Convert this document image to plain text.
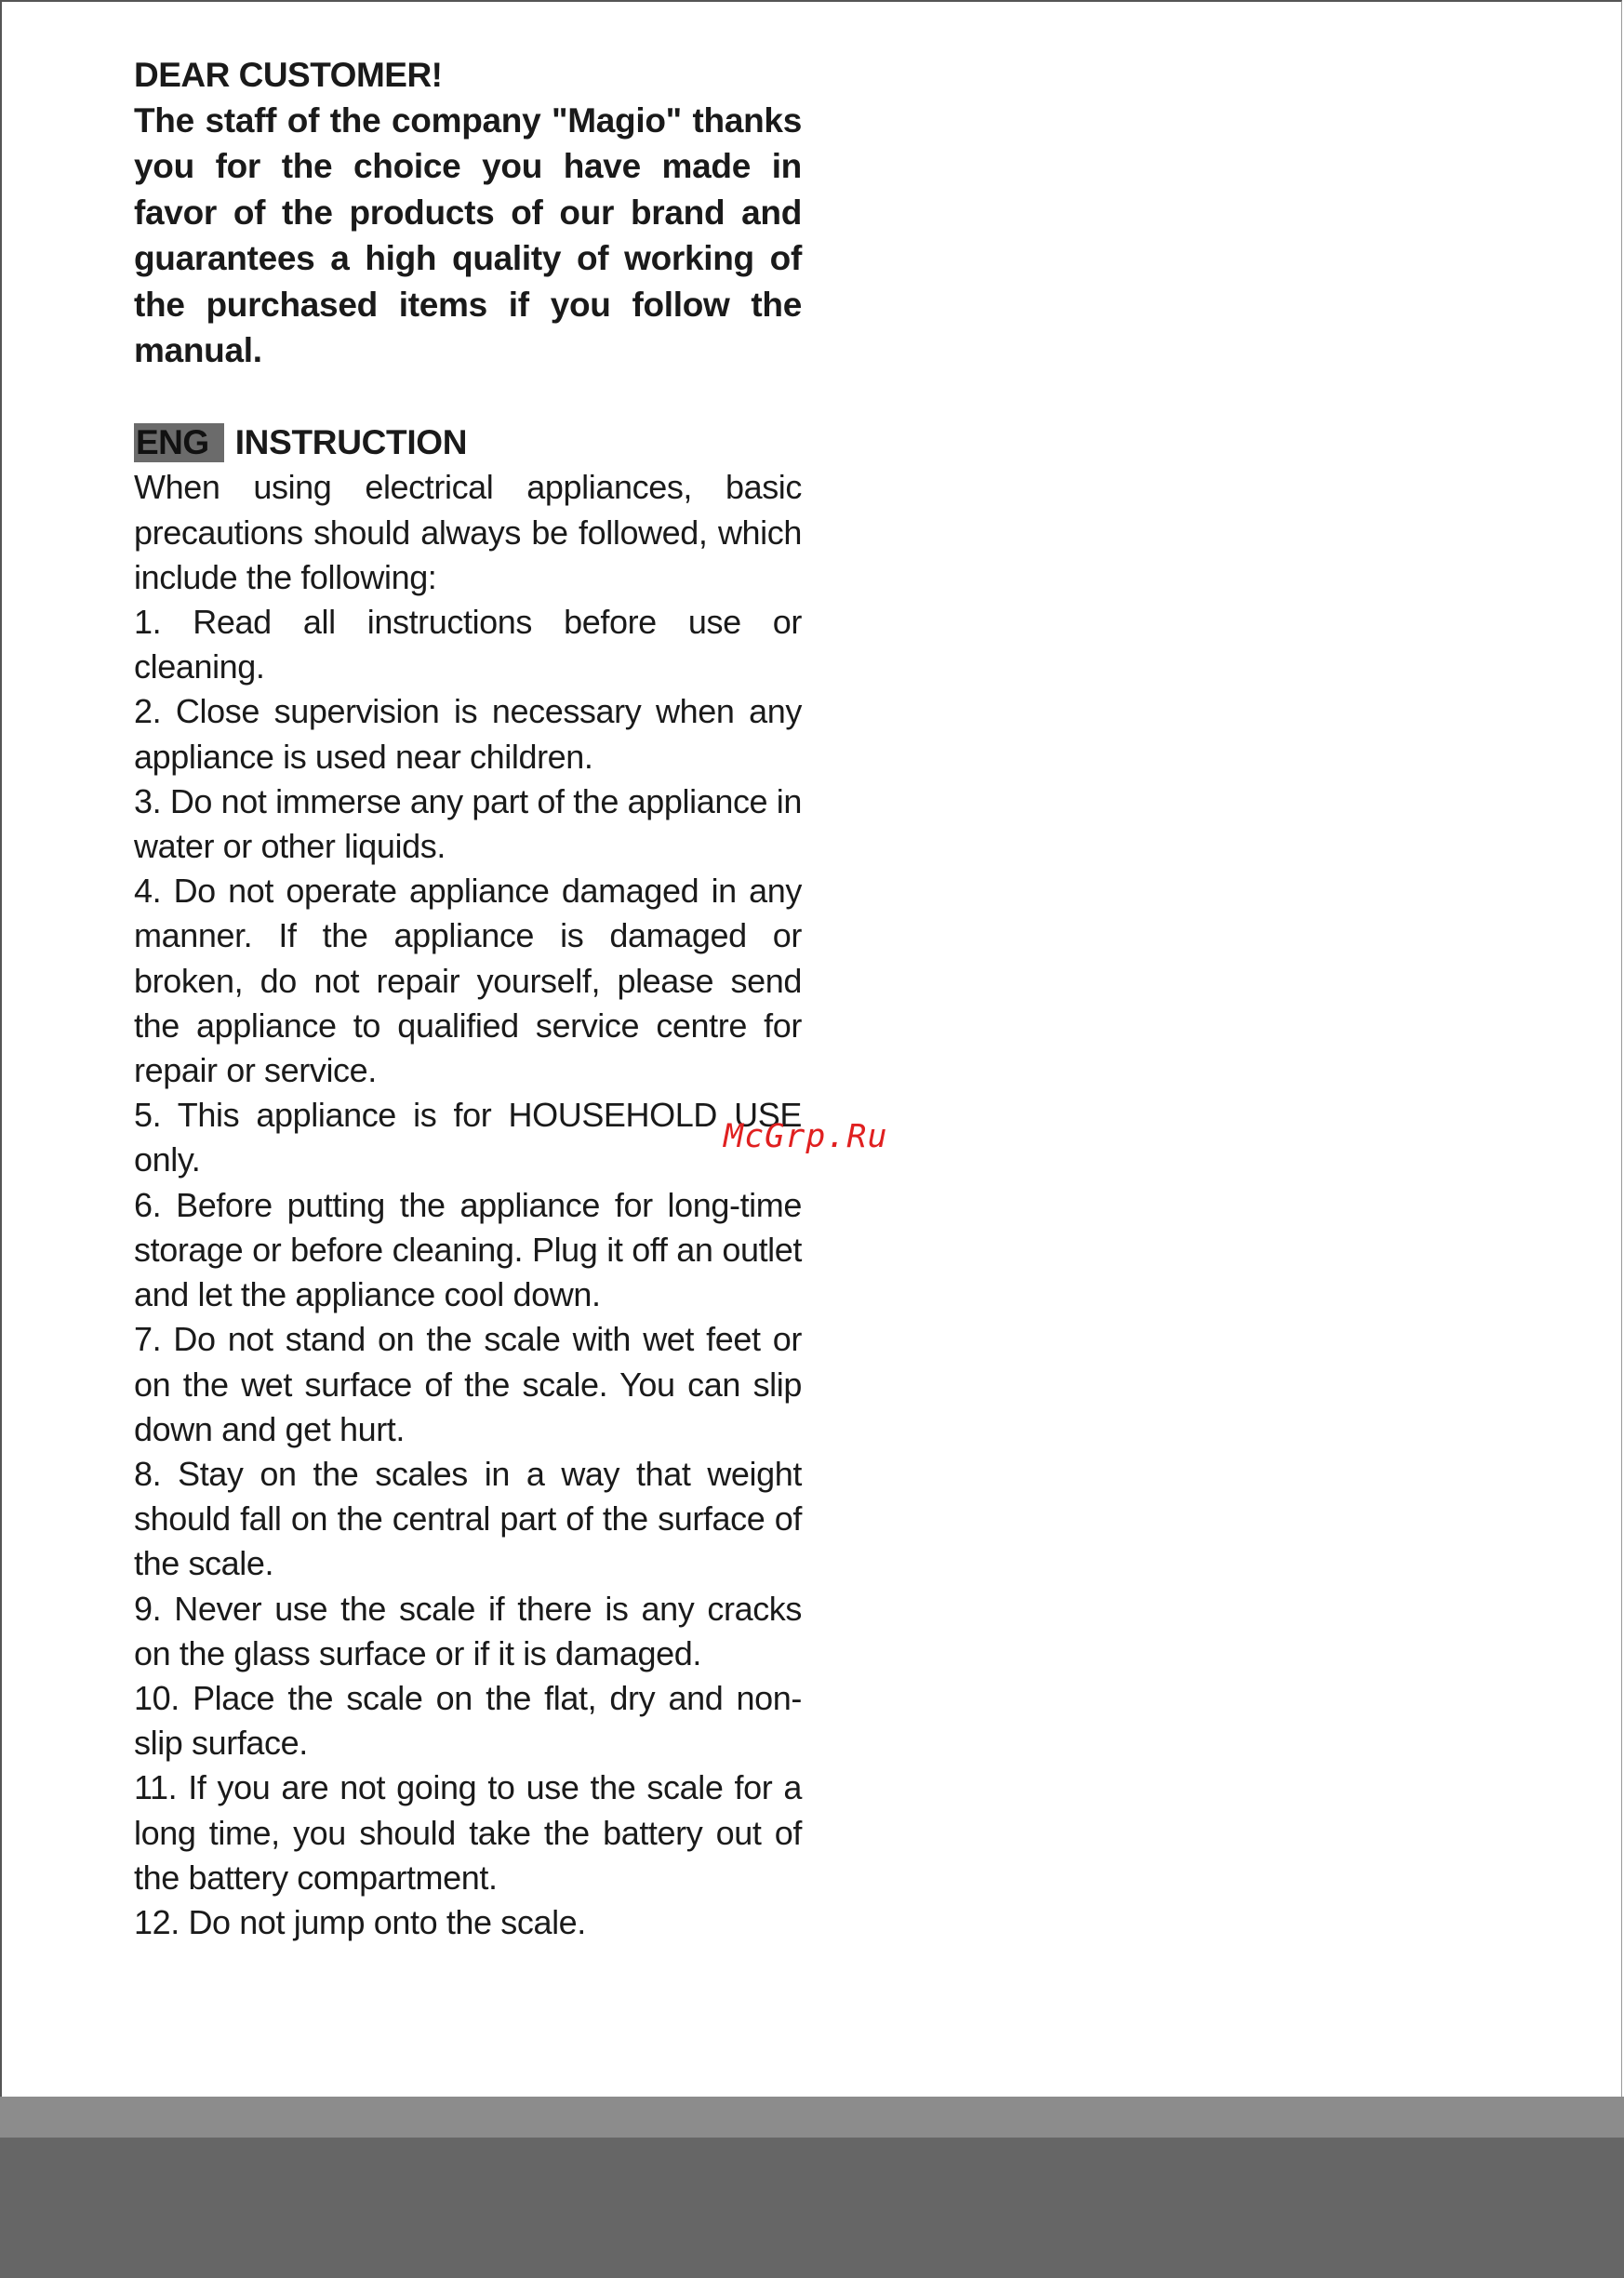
DEAR CUSTOMER!

The staff of the company "Magio" thanks you for the choice you have made in favor of the products of our brand and guarantees a high quality of working of the purchased items if you follow the manual.

ENG INSTRUCTION

When using electrical appliances, basic precautions should always be followed, which include the following:

1. Read all instructions before use or cleaning.

2. Close supervision is necessary when any appliance is used near children.

3. Do not immerse any part of the appliance in water or other liquids.

4. Do not operate appliance damaged in any manner. If the appliance is damaged or broken, do not repair yourself, please send the appliance to qualified service centre for repair or service.

5. This appliance is for HOUSEHOLD USE only.

6. Before putting the appliance for long-time storage or before cleaning. Plug it off an outlet and let the appliance cool down.

7. Do not stand on the scale with wet feet or on the wet surface of the scale. You can slip down and get hurt.

8. Stay on the scales in a way that weight should fall on the central part of the surface of the scale.

9. Never use the scale if there is any cracks on the glass surface or if it is damaged.

10. Place the scale on the flat, dry and non-slip surface.

11. If you are not going to use the scale for a long time, you should take the battery out of the battery compartment.

12. Do not jump onto the scale.

McGrp.Ru
